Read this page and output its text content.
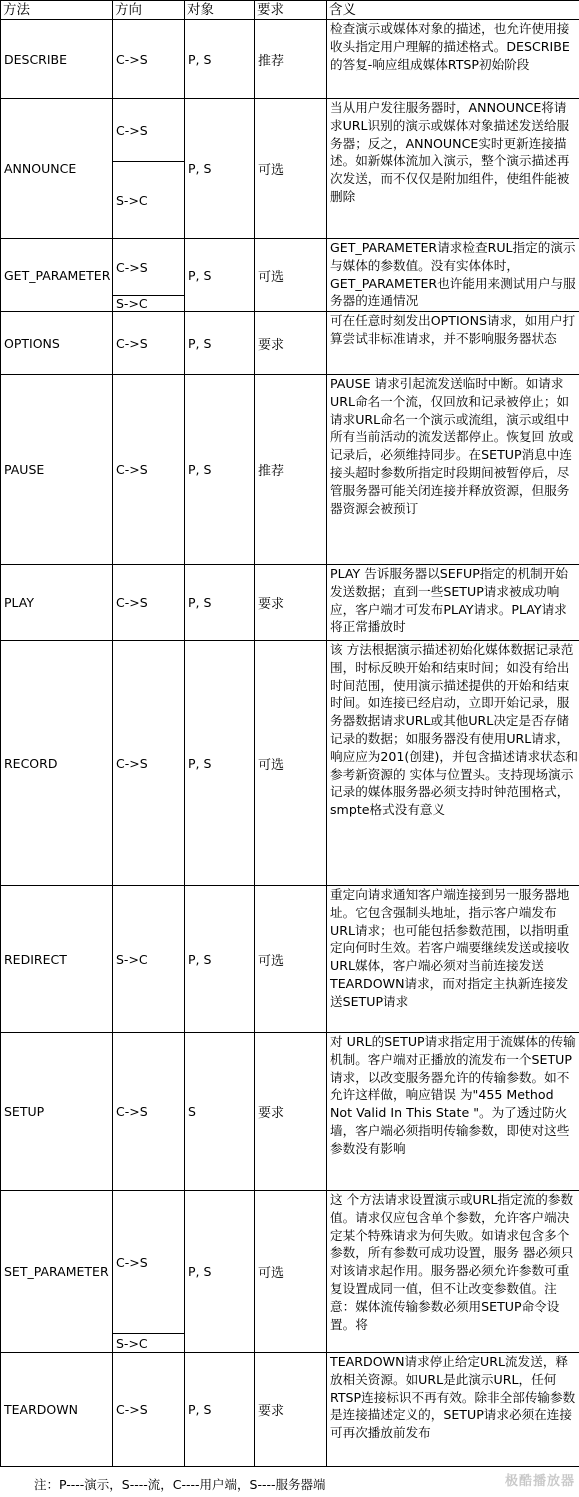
方法	方向	对象	要求	含义
DESCRIBE	C->S	P, S	推荐	检查演示或媒体对象的描述，也允许使用接收头指定用户理解的描述格式。DESCRIBE的答复-响应组成媒体RTSP初始阶段
ANNOUNCE	C->S	P, S	可选	当从用户发往服务器时，ANNOUNCE将请求URL识别的演示或媒体对象描述发送给服务器；反之，ANNOUNCE实时更新连接描述。如新媒体流加入演示，整个演示描述再次发送，而不仅仅是附加组件，使组件能被删除
	S->C			
GET_PARAMETER	C->S	P, S	可选	GET_PARAMETER请求检查RUL指定的演示与媒体的参数值。没有实体体时，GET_PARAMETER也许能用来测试用户与服务器的连通情况
	S->C			
OPTIONS	C->S	P, S	要求	可在任意时刻发出OPTIONS请求，如用户打算尝试非标准请求，并不影响服务器状态
PAUSE	C->S	P, S	推荐	PAUSE 请求引起流发送临时中断。如请求URL命名一个流，仅回放和记录被停止；如请求URL命名一个演示或流组，演示或组中所有当前活动的流发送都停止。恢复回 放或记录后，必须维持同步。在SETUP消息中连接头超时参数所指定时段期间被暂停后，尽管服务器可能关闭连接并释放资源，但服务器资源会被预订
PLAY	C->S	P, S	要求	PLAY 告诉服务器以SEFUP指定的机制开始发送数据；直到一些SETUP请求被成功响应，客户端才可发布PLAY请求。PLAY请求将正常播放时
RECORD	C->S	P, S	可选	该 方法根据演示描述初始化媒体数据记录范围，时标反映开始和结束时间；如没有给出时间范围，使用演示描述提供的开始和结束时间。如连接已经启动，立即开始记录，服务器数据请求URL或其他URL决定是否存储记录的数据；如服务器没有使用URL请求，响应应为201(创建)，并包含描述请求状态和参考新资源的 实体与位置头。支持现场演示记录的媒体服务器必须支持时钟范围格式，smpte格式没有意义
REDIRECT	S->C	P, S	可选	重定向请求通知客户端连接到另一服务器地址。它包含强制头地址，指示客户端发布URL请求；也可能包括参数范围，以指明重定向何时生效。若客户端要继续发送或接收URL媒体，客户端必须对当前连接发送TEARDOWN请求，而对指定主执新连接发送SETUP请求
SETUP	C->S	S	要求	对 URL的SETUP请求指定用于流媒体的传输机制。客户端对正播放的流发布一个SETUP请求，以改变服务器允许的传输参数。如不允许这样做，响应错误 为"455 Method Not Valid In This State "。为了透过防火墙，客户端必须指明传输参数，即使对这些参数没有影响
SET_PARAMETER	C->S	P, S	可选	这 个方法请求设置演示或URL指定流的参数值。请求仅应包含单个参数，允许客户端决定某个特殊请求为何失败。如请求包含多个参数，所有参数可成功设置，服务 器必须只对该请求起作用。服务器必须允许参数可重复设置成同一值，但不让改变参数值。注意：媒体流传输参数必须用SETUP命令设置。将
	S->C			
TEARDOWN	C->S	P, S	要求	TEARDOWN请求停止给定URL流发送，释放相关资源。如URL是此演示URL，任何RTSP连接标识不再有效。除非全部传输参数是连接描述定义的，SETUP请求必须在连接可再次播放前发布
注：P----演示，S----流，C----用户端，S----服务器端	极酷播放器
